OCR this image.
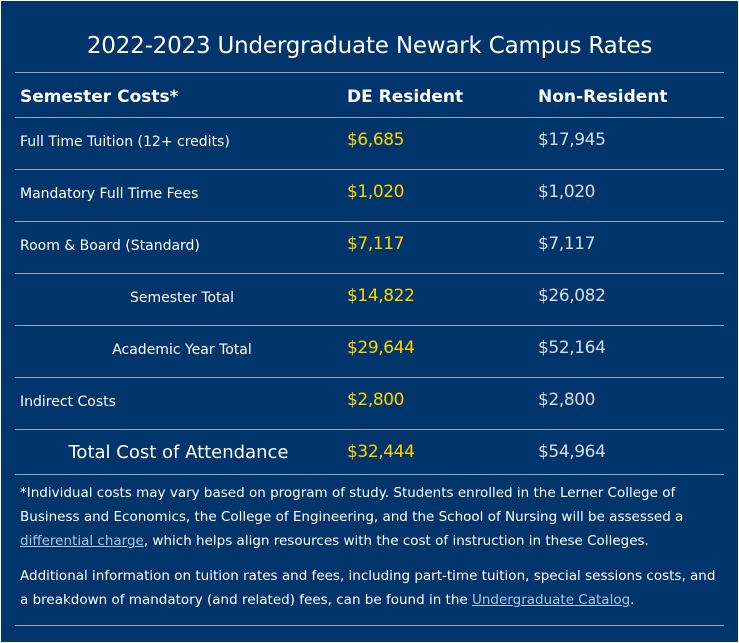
2022-2023 Undergraduate Newark Campus Rates
Semester Costs*	DE Resident	Non-Resident
Full Time Tuition (12+ credits)	$6,685	$17,945
Mandatory Full Time Fees	$1,020	$1,020
Room & Board (Standard)	$7,117	$7,117
Semester Total	$14,822	$26,082
Academic Year Total	$29,644	$52,164
Indirect Costs	$2,800	$2,800
Total Cost of Attendance	$32,444	$54,964

*Individual costs may vary based on program of study. Students enrolled in the Lerner College of Business and Economics, the College of Engineering, and the School of Nursing will be assessed a differential charge, which helps align resources with the cost of instruction in these Colleges.

Additional information on tuition rates and fees, including part-time tuition, special sessions costs, and a breakdown of mandatory (and related) fees, can be found in the Undergraduate Catalog.
